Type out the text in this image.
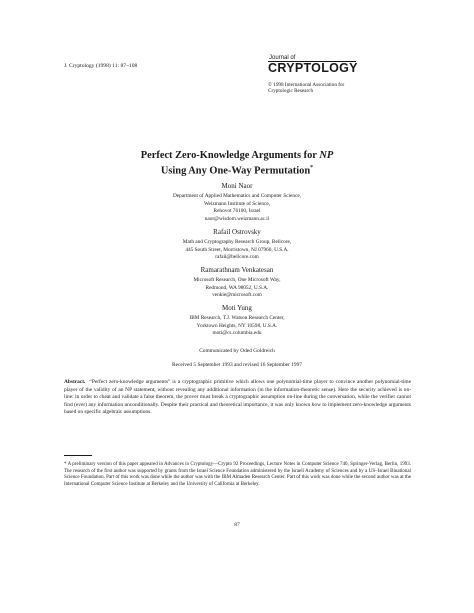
J. Cryptology (1998) 11: 87–108
Journal of
CRYPTOLOGY
© 1998 International Association for
Cryptologic Research
Perfect Zero-Knowledge Arguments for NP
Using Any One-Way Permutation*
Moni Naor
Department of Applied Mathematics and Computer Science,
Weizmann Institute of Science,
Rehovot 76100, Israel
naor@wisdom.weizmann.ac.il
Rafail Ostrovsky
Math and Cryptography Research Group, Bellcore,
445 South Street, Morristown, NJ 07960, U.S.A.
rafail@bellcore.com
Ramarathnam Venkatesan
Microsoft Research, One Microsoft Way,
Redmond, WA 98052, U.S.A.
venkie@microsoft.com
Moti Yung
IBM Research, T.J. Watson Research Center,
Yorktown Heights, NY 10598, U.S.A.
moti@cs.columbia.edu
Communicated by Oded Goldreich
Received 5 September 1993 and revised 16 September 1997
Abstract. “Perfect zero-knowledge arguments” is a cryptographic primitive which allows one polynomial-time player to convince another polynomial-time player of the validity of an NP statement, without revealing any additional information (in the information-theoretic sense). Here the security achieved is on-line: in order to cheat and validate a false theorem, the prover must break a cryptographic assumption on-line during the conversation, while the verifier cannot find (ever) any information unconditionally. Despite their practical and theoretical importance, it was only known how to implement zero-knowledge arguments based on specific algebraic assumptions.
* A preliminary version of this paper appeared in Advances in Cryptology—Crypto 92 Proceedings, Lecture Notes in Computer Science 740, Springer-Verlag, Berlin, 1993. The research of the first author was supported by grants from the Israel Science Foundation administered by the Israeli Academy of Sciences and by a US–Israel Binational Science Foundation. Part of this work was done while the author was with the IBM Almaden Research Center. Part of this work was done while the second author was at the International Computer Science Institute at Berkeley and the University of California at Berkeley.
87
